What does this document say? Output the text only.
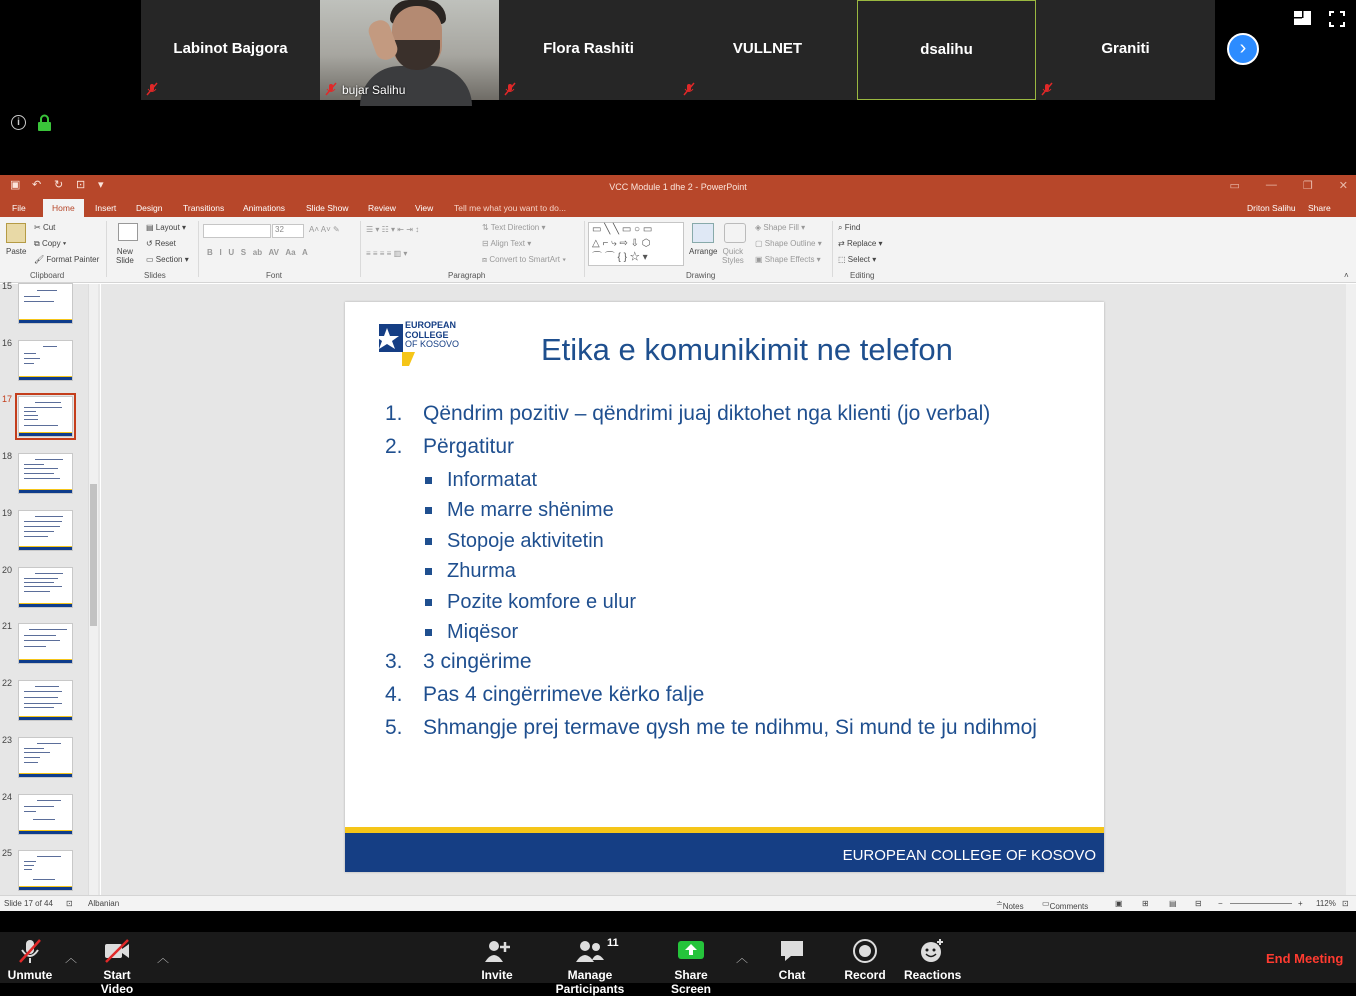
Labinot Bajgora
bujar Salihu
Flora Rashiti	VULLNET	dsalihu	Graniti	›
i
▣ ↶ ↻ ⊡ ▾	VCC Module 1 dhe 2 - PowerPoint	▭ — ❐ ✕
File	Home	Insert Design Transitions Animations Slide Show Review View Tell me what you want to do...	Driton Salihu Share
Paste
✂ Cut
⧉ Copy ▾
🖌 Format Painter
Clipboard
New
Slide
▤ Layout ▾
↺ Reset
▭ Section ▾
Slides
32	A˄ A˅ ✎
B   I   U   S   ab   AV   Aa   A
Font
☰ ▾ ☷ ▾ ⇤ ⇥ ↕
≡ ≡ ≡ ≡ ▥ ▾
⇅ Text Direction ▾
⊟ Align Text ▾
⧈ Convert to SmartArt ▾
Paragraph
▭ ╲ ╲ ▭ ○ ▭
△ ⌐ ⤷ ⇨ ⇩ ⬡
⌒ ⌒ { } ☆ ▾
Arrange Quick
Styles
◈ Shape Fill ▾
▢ Shape Outline ▾
▣ Shape Effects ▾
Drawing
⌕ Find
⇄ Replace ▾
⬚ Select ▾
Editing	˄
15
16
17
18
19
20
21
22
23
24
25
EUROPEAN
COLLEGE
OF KOSOVO	Etika e komunikimit ne telefon
1. Qëndrim pozitiv – qëndrimi juaj diktohet nga klienti (jo verbal)
2. Përgatitur
Informatat
Me marre shënime
Stopoje aktivitetin
Zhurma
Pozite komfore e ulur
Miqësor
3. 3 cingërime
4. Pas 4 cingërrimeve kërko falje
5. Shmangje prej termave qysh me te ndihmu, Si mund te ju ndihmoj
EUROPEAN COLLEGE OF KOSOVO
Slide 17 of 44 ⊡ Albanian	≐ Notes ▭ Comments	▣ ⊞	▤ ⊟ −	+ 112% ⊡
Unmute
︿
Start Video
︿
Invite
11
Manage Participants
Share Screen
︿
Chat	Record Reactions
End Meeting
